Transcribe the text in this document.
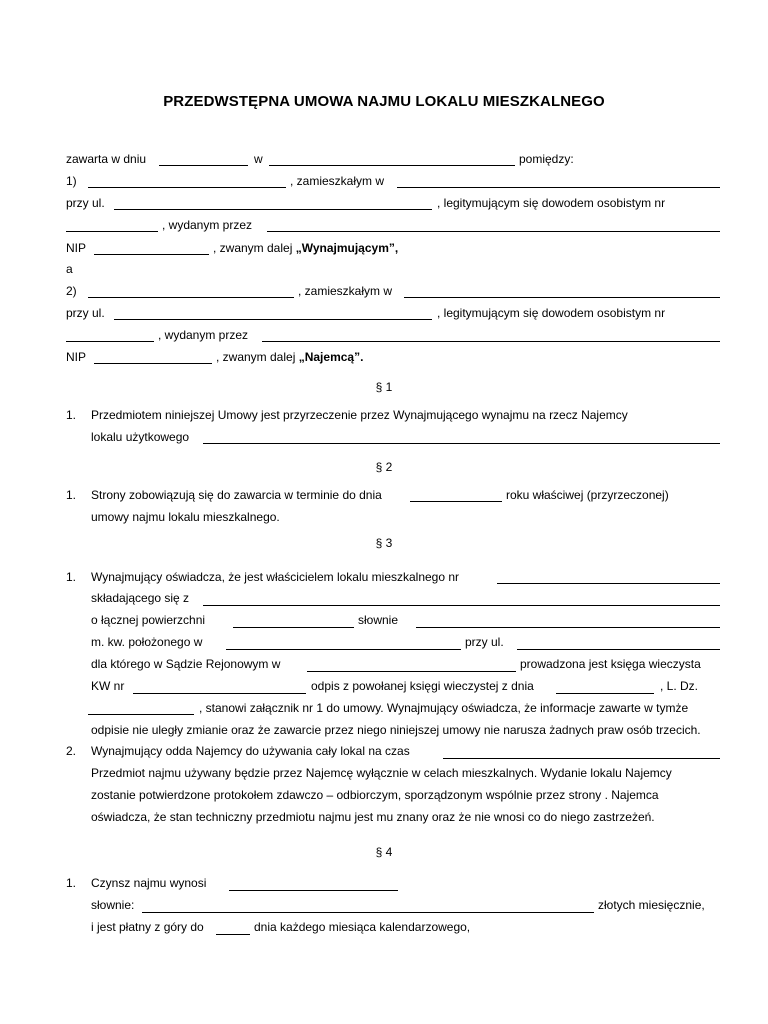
PRZEDWSTĘPNA UMOWA NAJMU LOKALU MIESZKALNEGO
zawarta w dniu	w	pomiędzy:
1)	, zamieszkałym w
przy ul.	, legitymującym się dowodem osobistym nr
, wydanym przez
NIP	, zwanym dalej „Wynajmującym”,
a
2)	, zamieszkałym w
przy ul.	, legitymującym się dowodem osobistym nr
, wydanym przez
NIP	, zwanym dalej „Najemcą”.
§ 1
1. Przedmiotem niniejszej Umowy jest przyrzeczenie przez Wynajmującego wynajmu na rzecz Najemcy
lokalu użytkowego
§ 2
1. Strony zobowiązują się do zawarcia w terminie do dnia	roku właściwej (przyrzeczonej)
umowy najmu lokalu mieszkalnego.
§ 3
1. Wynajmujący oświadcza, że jest właścicielem lokalu mieszkalnego nr
składającego się z
o łącznej powierzchni	słownie
m. kw. położonego w	przy ul.
dla którego w Sądzie Rejonowym w	prowadzona jest księga wieczysta
KW nr	odpis z powołanej księgi wieczystej z dnia	, L. Dz.
, stanowi załącznik nr 1 do umowy. Wynajmujący oświadcza, że informacje zawarte w tymże
odpisie nie uległy zmianie oraz że zawarcie przez niego niniejszej umowy nie narusza żadnych praw osób trzecich.
2. Wynajmujący odda Najemcy do używania cały lokal na czas
Przedmiot najmu używany będzie przez Najemcę wyłącznie w celach mieszkalnych. Wydanie lokalu Najemcy
zostanie potwierdzone protokołem zdawczo – odbiorczym, sporządzonym wspólnie przez strony . Najemca
oświadcza, że stan techniczny przedmiotu najmu jest mu znany oraz że nie wnosi co do niego zastrzeżeń.
§ 4
1. Czynsz najmu wynosi
słownie:	złotych miesięcznie,
i jest płatny z góry do	dnia każdego miesiąca kalendarzowego,
